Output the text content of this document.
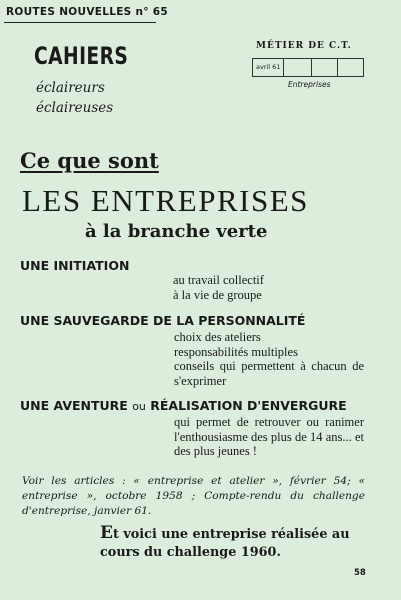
ROUTES NOUVELLES n° 65
CAHIERS
éclaireurs
éclaireuses
MÉTIER DE C.T.
avril 61
Entreprises
Ce que sont
LES ENTREPRISES
à la branche verte
UNE INITIATION
au travail collectif
à la vie de groupe
UNE SAUVEGARDE DE LA PERSONNALITÉ
choix des ateliers
responsabilités multiples
conseils qui permettent à chacun de s'exprimer
UNE AVENTURE ou RÉALISATION D'ENVERGURE
qui permet de retrouver ou ranimer l'enthousiasme des plus de 14 ans... et des plus jeunes !
Voir les articles : « entreprise et atelier », février 54; « entreprise », octobre 1958 ; Compte-rendu du challenge d'entreprise, janvier 61.
Et voici une entreprise réalisée au cours du challenge 1960.
58
